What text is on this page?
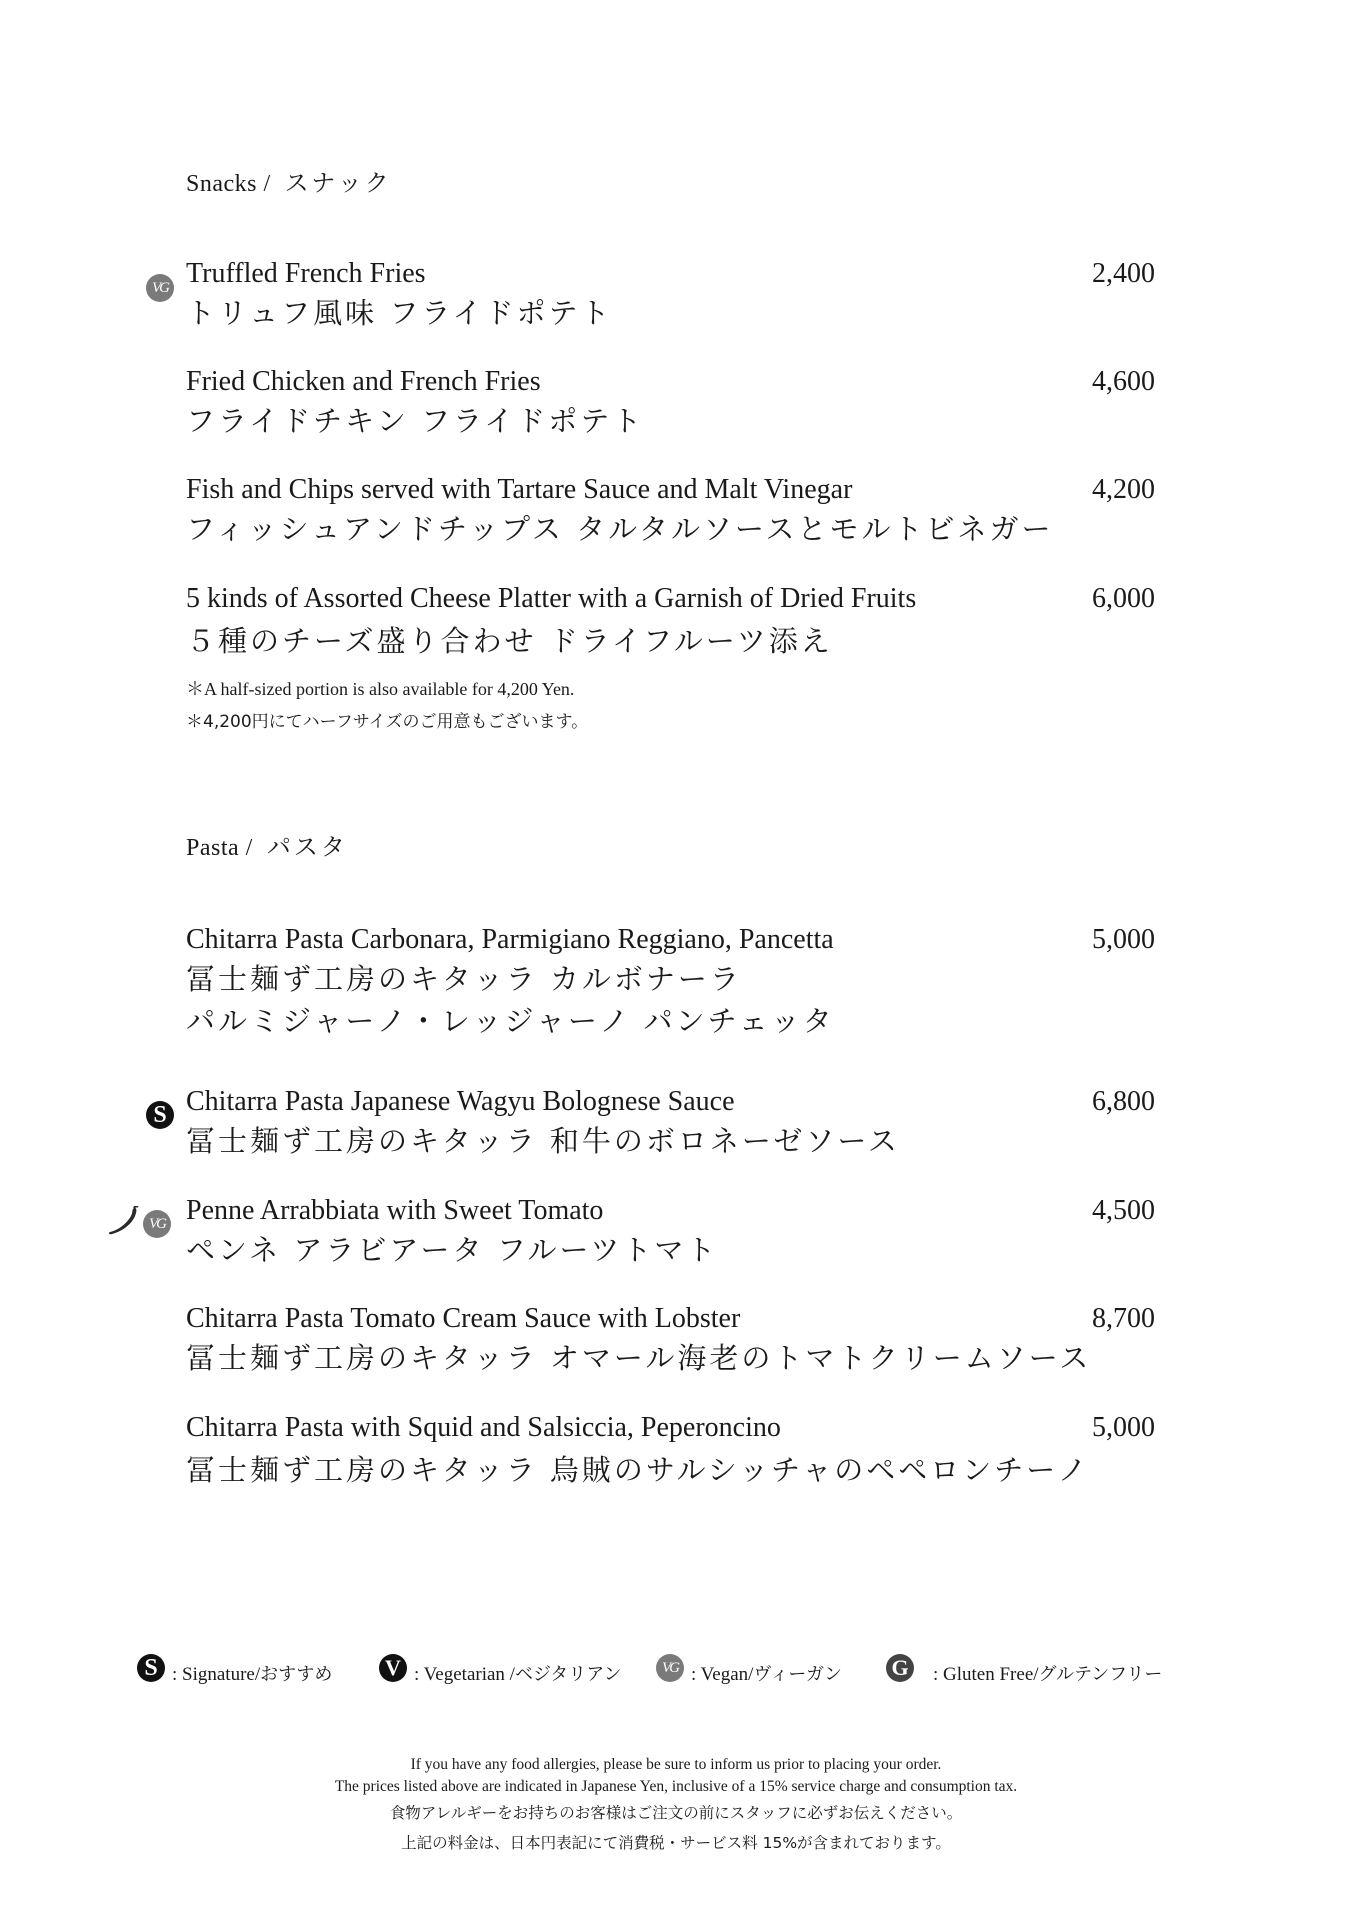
Snacks / スナック
VG Truffled French Fries
トリュフ風味 フライドポテト
2,400
Fried Chicken and French Fries
フライドチキン フライドポテト
4,600
Fish and Chips served with Tartare Sauce and Malt Vinegar
フィッシュアンドチップス タルタルソースとモルトビネガー
4,200
5 kinds of Assorted Cheese Platter with a Garnish of Dried Fruits
５種のチーズ盛り合わせ ドライフルーツ添え
6,000
＊A half-sized portion is also available for 4,200 Yen.
＊4,200円にてハーフサイズのご用意もございます。
Pasta / パスタ
Chitarra Pasta Carbonara, Parmigiano Reggiano, Pancetta
冨士麺ず工房のキタッラ カルボナーラ
パルミジャーノ・レッジャーノ パンチェッタ
5,000
S Chitarra Pasta Japanese Wagyu Bolognese Sauce
冨士麺ず工房のキタッラ 和牛のボロネーゼソース
6,800
VG Penne Arrabbiata with Sweet Tomato
ペンネ アラビアータ フルーツトマト
4,500
Chitarra Pasta Tomato Cream Sauce with Lobster
冨士麺ず工房のキタッラ オマール海老のトマトクリームソース
8,700
Chitarra Pasta with Squid and Salsiccia, Peperoncino
冨士麺ず工房のキタッラ 烏賊のサルシッチャのペペロンチーノ
5,000
S : Signature/おすすめ V : Vegetarian /ベジタリアン	VG : Vegan/ヴィーガン G : Gluten Free/グルテンフリー
If you have any food allergies, please be sure to inform us prior to placing your order.
The prices listed above are indicated in Japanese Yen, inclusive of a 15% service charge and consumption tax.
食物アレルギーをお持ちのお客様はご注文の前にスタッフに必ずお伝えください。
上記の料金は、日本円表記にて消費税・サービス料 15%が含まれております。
